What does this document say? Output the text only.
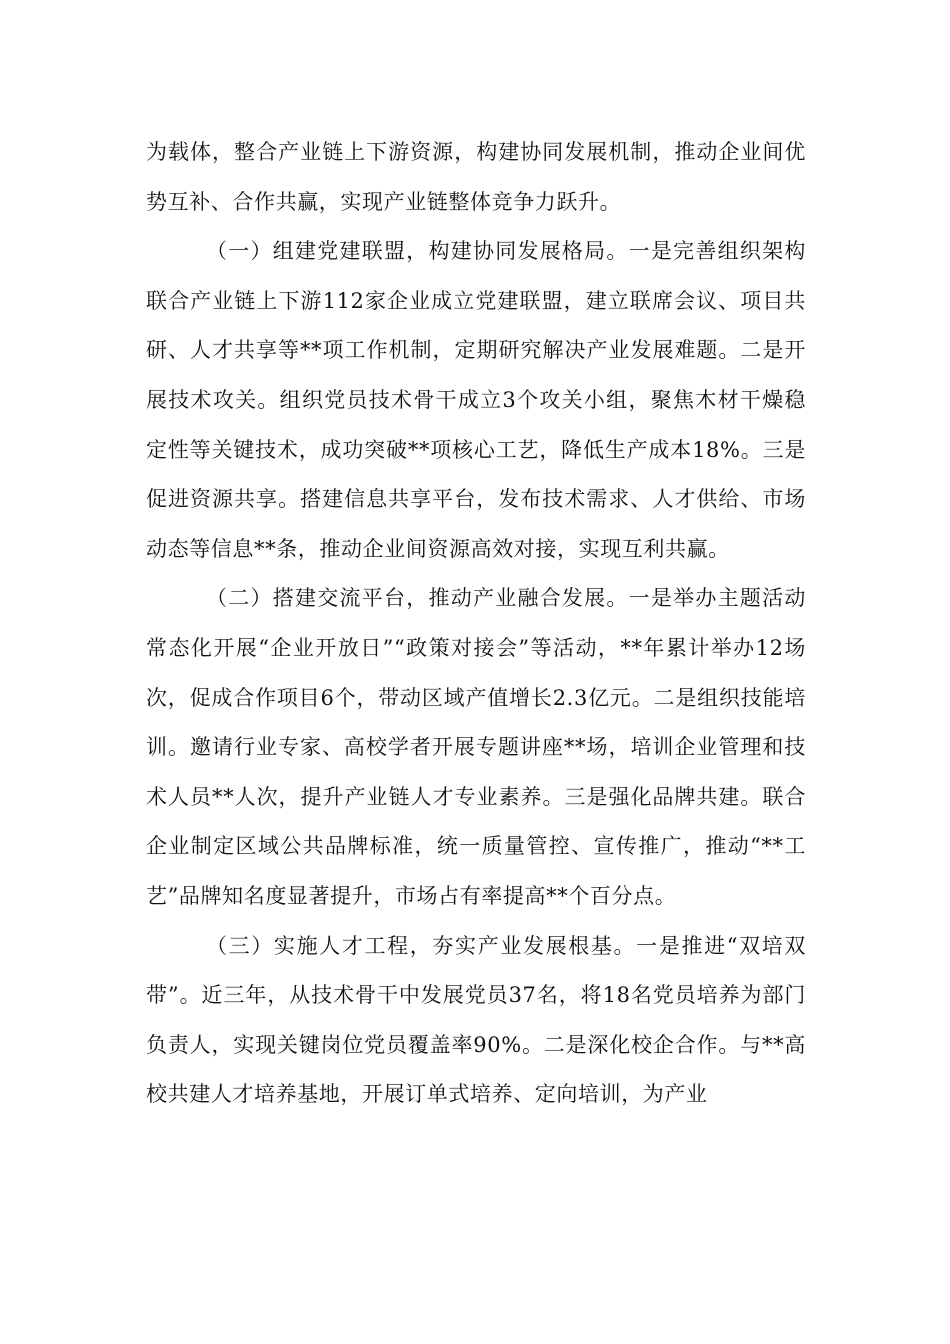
为载体，整合产业链上下游资源，构建协同发展机制，推动企业间优势互补、合作共赢，实现产业链整体竞争力跃升。

（一）组建党建联盟，构建协同发展格局。一是完善组织架构联合产业链上下游112家企业成立党建联盟，建立联席会议、项目共研、人才共享等**项工作机制，定期研究解决产业发展难题。二是开展技术攻关。组织党员技术骨干成立3个攻关小组，聚焦木材干燥稳定性等关键技术，成功突破**项核心工艺，降低生产成本18%。三是促进资源共享。搭建信息共享平台，发布技术需求、人才供给、市场动态等信息**条，推动企业间资源高效对接，实现互利共赢。

（二）搭建交流平台，推动产业融合发展。一是举办主题活动常态化开展“企业开放日”“政策对接会”等活动，**年累计举办12场次，促成合作项目6个，带动区域产值增长2.3亿元。二是组织技能培训。邀请行业专家、高校学者开展专题讲座**场，培训企业管理和技术人员**人次，提升产业链人才专业素养。三是强化品牌共建。联合企业制定区域公共品牌标准，统一质量管控、宣传推广，推动“**工艺”品牌知名度显著提升，市场占有率提高**个百分点。

（三）实施人才工程，夯实产业发展根基。一是推进“双培双带”。近三年，从技术骨干中发展党员37名，将18名党员培养为部门负责人，实现关键岗位党员覆盖率90%。二是深化校企合作。与**高校共建人才培养基地，开展订单式培养、定向培训，为产业
